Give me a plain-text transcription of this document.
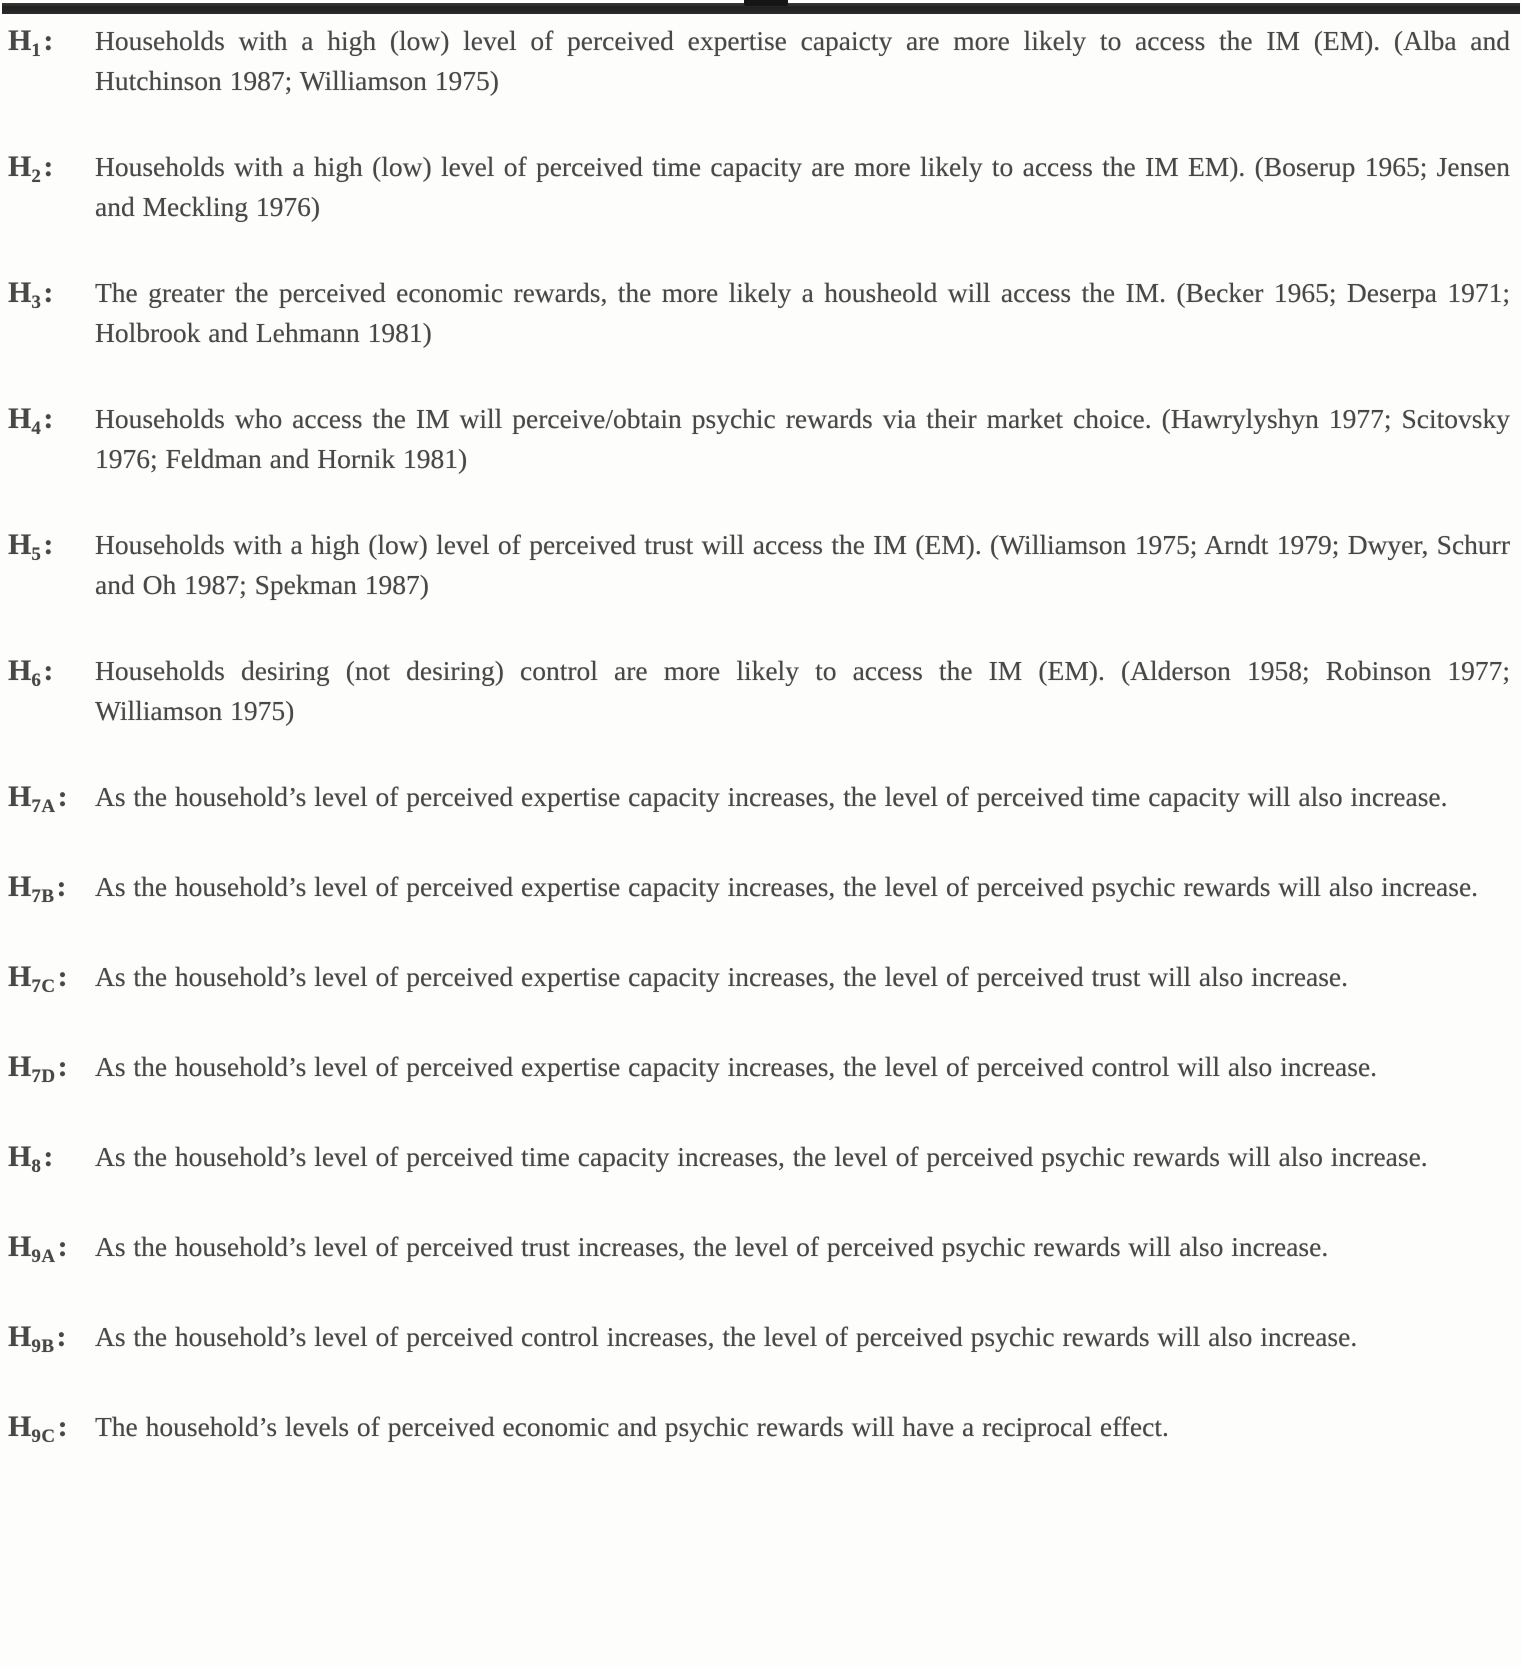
$H_1$:	Households with a high (low) level of perceived expertise capaicty are more likely to access the IM (EM). (Alba and Hutchinson 1987; Williamson 1975)
$H_2$:	Households with a high (low) level of perceived time capacity are more likely to access the IM EM). (Boserup 1965; Jensen and Meckling 1976)
$H_3$:	The greater the perceived economic rewards, the more likely a housheold will access the IM. (Becker 1965; Deserpa 1971; Holbrook and Lehmann 1981)
$H_4$:	Households who access the IM will perceive/obtain psychic rewards via their market choice. (Hawrylyshyn 1977; Scitovsky 1976; Feldman and Hornik 1981)
$H_5$:	Households with a high (low) level of perceived trust will access the IM (EM). (Williamson 1975; Arndt 1979; Dwyer, Schurr and Oh 1987; Spekman 1987)
$H_6$:	Households desiring (not desiring) control are more likely to access the IM (EM). (Alderson 1958; Robinson 1977; Williamson 1975)
$H_{7A}$: As the household’s level of perceived expertise capacity increases, the level of perceived time capacity will also increase.
$H_{7B}$:	As the household’s level of perceived expertise capacity increases, the level of perceived psychic rewards will also increase.
$H_{7C}$: As the household’s level of perceived expertise capacity increases, the level of perceived trust will also increase.
$H_{7D}$: As the household’s level of perceived expertise capacity increases, the level of perceived control will also increase.
$H_8$:	As the household’s level of perceived time capacity increases, the level of perceived psychic rewards will also increase.
$H_{9A}$: As the household’s level of perceived trust increases, the level of perceived psychic rewards will also increase.
$H_{9B}$:	As the household’s level of perceived control increases, the level of perceived psychic rewards will also increase.
$H_{9C}$: The household’s levels of perceived economic and psychic rewards will have a reciprocal effect.
